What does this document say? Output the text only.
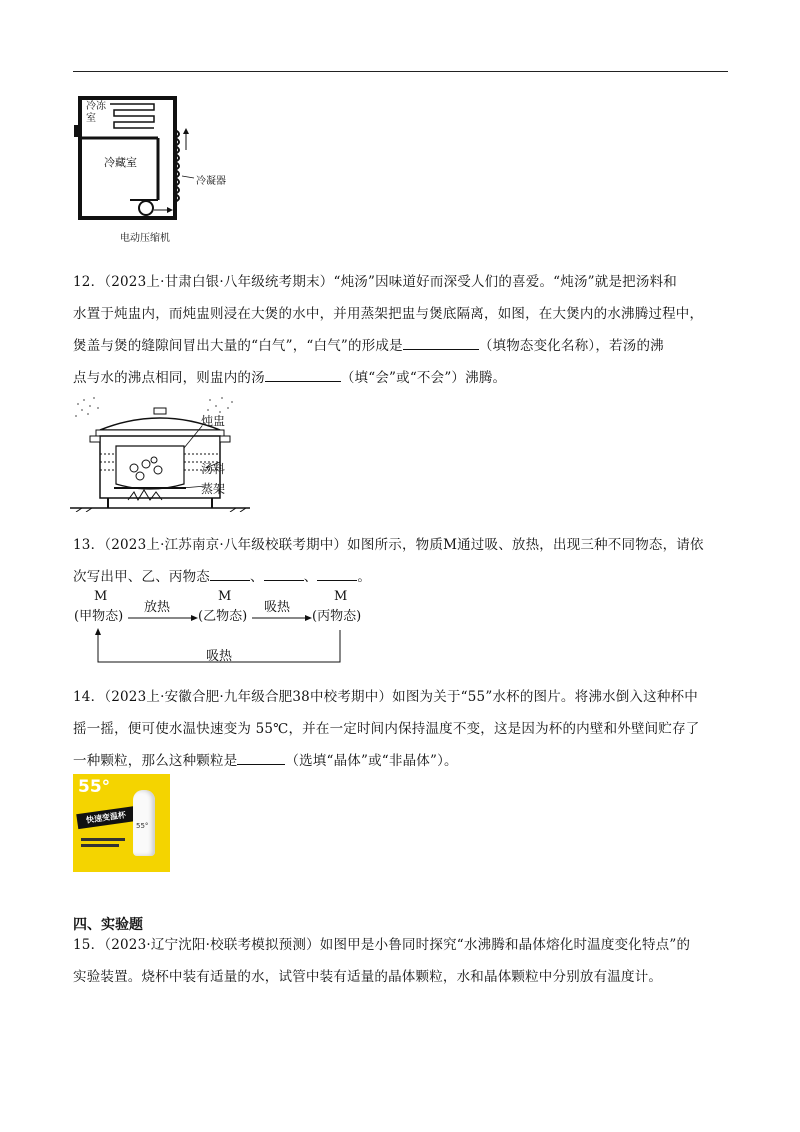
冷冻室
冷藏室
冷凝器
电动压缩机
12．（2023上·甘肃白银·八年级统考期末）“炖汤”因味道好而深受人们的喜爱。“炖汤”就是把汤料和
水置于炖盅内，而炖盅则浸在大煲的水中，并用蒸架把盅与煲底隔离，如图，在大煲内的水沸腾过程中，
煲盖与煲的缝隙间冒出大量的“白气”，“白气”的形成是	（填物态变化名称），若汤的沸
点与水的沸点相同，则盅内的汤	（填“会”或“不会”）沸腾。
炖盅
汤料
蒸架
13．（2023上·江苏南京·八年级校联考期中）如图所示，物质M通过吸、放热，出现三种不同物态，请依
次写出甲、乙、丙物态	、	、	。
M	M	M
(甲物态)	(乙物态)	(丙物态)
放热	吸热
吸热
14．（2023上·安徽合肥·九年级合肥38中校考期中）如图为关于“55”水杯的图片。将沸水倒入这种杯中
摇一摇，便可使水温快速变为 55℃，并在一定时间内保持温度不变，这是因为杯的内壁和外壁间贮存了
一种颗粒，那么这种颗粒是	（选填“晶体”或“非晶体”）。
55°
快速变温杯
55°
四、实验题
15．（2023·辽宁沈阳·校联考模拟预测）如图甲是小鲁同时探究“水沸腾和晶体熔化时温度变化特点”的
实验装置。烧杯中装有适量的水，试管中装有适量的晶体颗粒，水和晶体颗粒中分别放有温度计。
